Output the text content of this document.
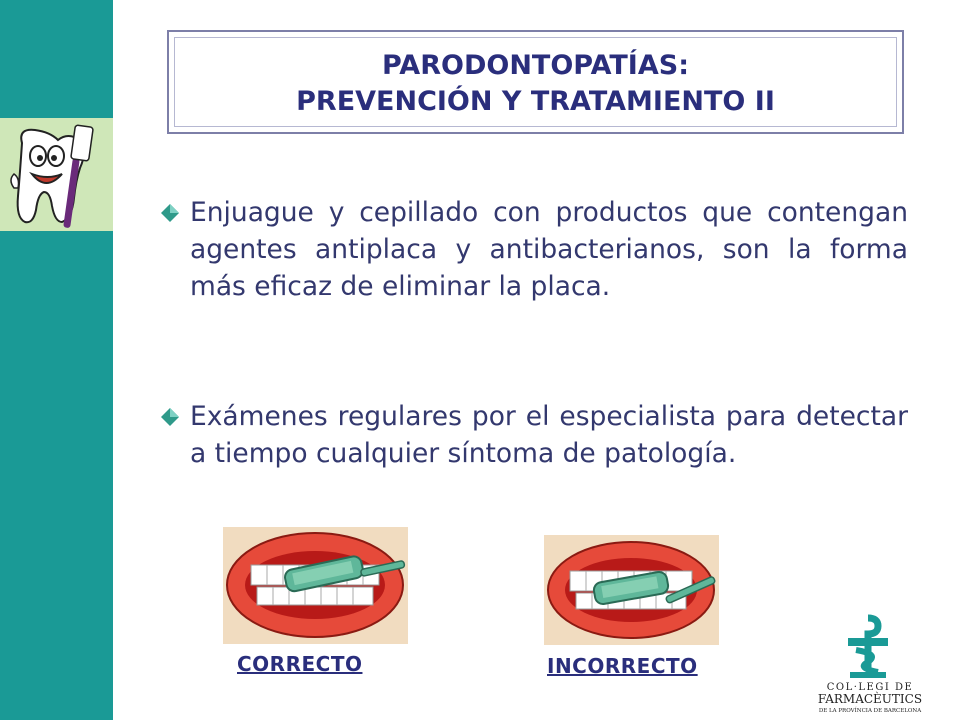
PARODONTOPATÍAS:
PREVENCIÓN Y TRATAMIENTO II
Enjuague y cepillado con productos que contengan agentes antiplaca y antibacterianos, son la forma más eficaz de eliminar la placa.
Exámenes regulares por el especialista para detectar a tiempo cualquier síntoma de patología.
CORRECTO	INCORRECTO
COL·LEGI DE
FARMACÈUTICS
DE LA PROVÍNCIA DE BARCELONA
